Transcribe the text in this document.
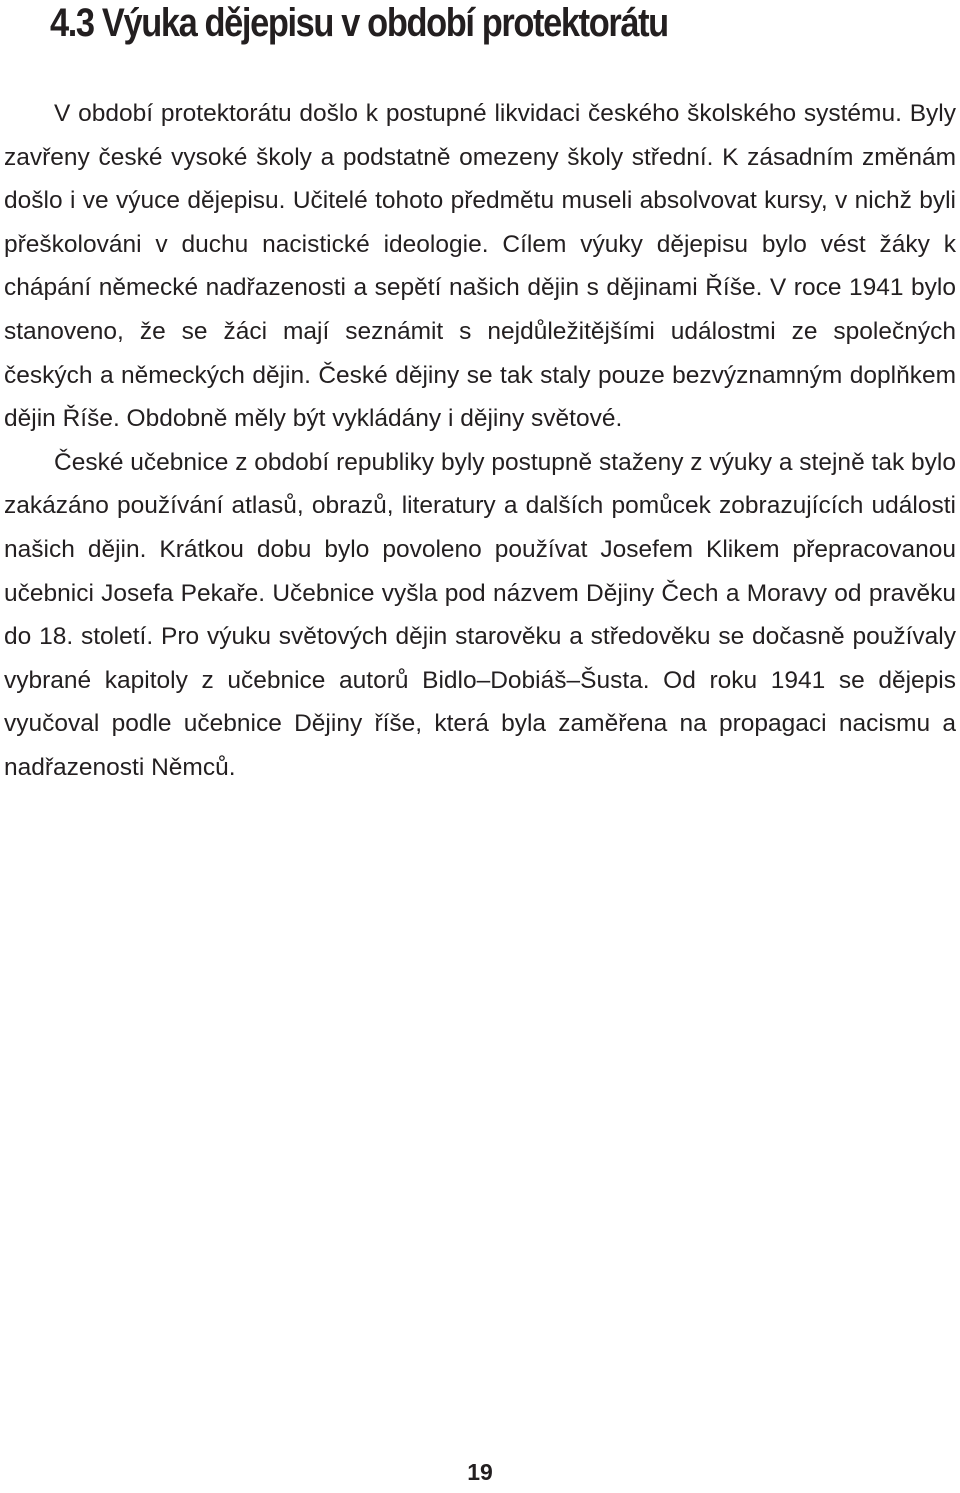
4.3 Výuka dějepisu v období protektorátu

V období protektorátu došlo k postupné likvidaci českého školského systému. Byly zavřeny české vysoké školy a podstatně omezeny školy střední. K zásadním změnám došlo i ve výuce dějepisu. Učitelé tohoto předmětu museli absolvovat kursy, v nichž byli přeškolováni v duchu nacistické ideologie. Cílem výuky dějepisu bylo vést žáky k chápání německé nadřazenosti a sepětí našich dějin s dějinami Říše. V roce 1941 bylo stanoveno, že se žáci mají seznámit s nejdůležitějšími událostmi ze společných českých a německých dějin. České dějiny se tak staly pouze bezvýznamným doplňkem dějin Říše. Obdobně měly být vykládány i dějiny světové.

České učebnice z období republiky byly postupně staženy z výuky a stejně tak bylo zakázáno používání atlasů, obrazů, literatury a dalších pomůcek zobrazujících události našich dějin. Krátkou dobu bylo povoleno používat Josefem Klikem přepracovanou učebnici Josefa Pekaře. Učebnice vyšla pod názvem Dějiny Čech a Moravy od pravěku do 18. století. Pro výuku světových dějin starověku a středověku se dočasně používaly vybrané kapitoly z učebnice autorů Bidlo–Dobiáš–Šusta. Od roku 1941 se dějepis vyučoval podle učebnice Dějiny říše, která byla zaměřena na propagaci nacismu a nadřazenosti Němců.

19
